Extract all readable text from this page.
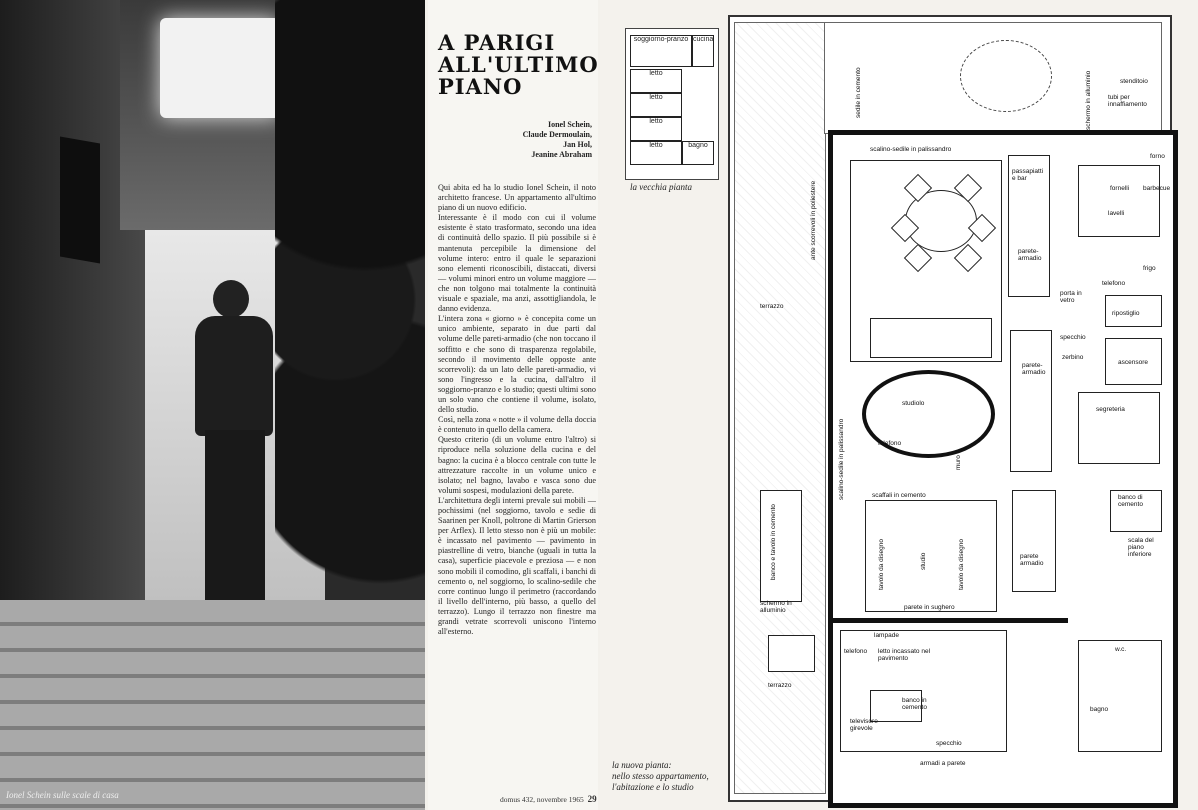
Ionel Schein sulle scale di casa
A PARIGI
ALL'ULTIMO
PIANO
Ionel Schein,
Claude Dermoulain,
Jan Hol,
Jeanine Abraham

Qui abita ed ha lo studio Ionel Schein, il noto architetto francese. Un appartamento all'ultimo piano di un nuovo edificio.

Interessante è il modo con cui il volume esistente è stato trasformato, secondo una idea di continuità dello spazio. Il più possibile si è mantenuta percepibile la dimensione del volume intero: entro il quale le separazioni sono elementi riconoscibili, distaccati, diversi — volumi minori entro un volume maggiore — che non tolgono mai totalmente la continuità visuale e spaziale, ma anzi, assottigliandola, le danno evidenza.

L'intera zona « giorno » è concepita come un unico ambiente, separato in due parti dal volume delle pareti-armadio (che non toccano il soffitto e che sono di trasparenza regolabile, secondo il movimento delle opposte ante scorrevoli): da un lato delle pareti-armadio, vi sono l'ingresso e la cucina, dall'altro il soggiorno-pranzo e lo studio; questi ultimi sono un solo vano che contiene il volume, isolato, dello studio.

Così, nella zona « notte » il volume della doccia è contenuto in quello della camera.

Questo criterio (di un volume entro l'altro) si riproduce nella soluzione della cucina e del bagno: la cucina è a blocco centrale con tutte le attrezzature raccolte in un volume unico e isolato; nel bagno, lavabo e vasca sono due volumi sospesi, modulazioni della parete.

L'architettura degli interni prevale sui mobili — pochissimi (nel soggiorno, tavolo e sedie di Saarinen per Knoll, poltrone di Martin Grierson per Arflex). Il letto stesso non è più un mobile: è incassato nel pavimento — pavimento in piastrelline di vetro, bianche (uguali in tutta la casa), superficie piacevole e preziosa — e non sono mobili il comodino, gli scaffali, i banchi di cemento o, nel soggiorno, lo scalino-sedile che corre continuo lungo il perimetro (raccordando il livello dell'interno, più basso, a quello del terrazzo). Lungo il terrazzo non finestre ma grandi vetrate scorrevoli uniscono l'interno all'esterno.

domus 432, novembre 1965 29
soggiorno-pranzo cucina
letto
letto
letto
letto	bagno
la vecchia pianta
scalino-sedile in palissandro
ante scorrevoli in poliestere
sedile in cemento	schermo in alluminio	stenditoio
tubi per innaffiamento
passapiatti e bar
forno
fornelli barbecue
lavelli
parete-armadio
frigo
telefono
porta in vetro
ripostiglio
terrazzo
specchio
zerbino
ascensore
parete-armadio
segreteria
studiolo
telefono
muro
scalino-sedile in palissandro
banco e tavolo in cemento
scaffali in cemento	banco di cemento
tavolo da disegno	studio	tavolo da disegno	scala del piano inferiore
parete armadio
schermo in alluminio	parete in sughero
terrazzo
lampade
telefono letto incassato nel pavimento
w.c.
banco in cemento	bagno
televisore girevole
specchio
armadi a parete
la nuova pianta:
nello stesso appartamento,
l'abitazione e lo studio
